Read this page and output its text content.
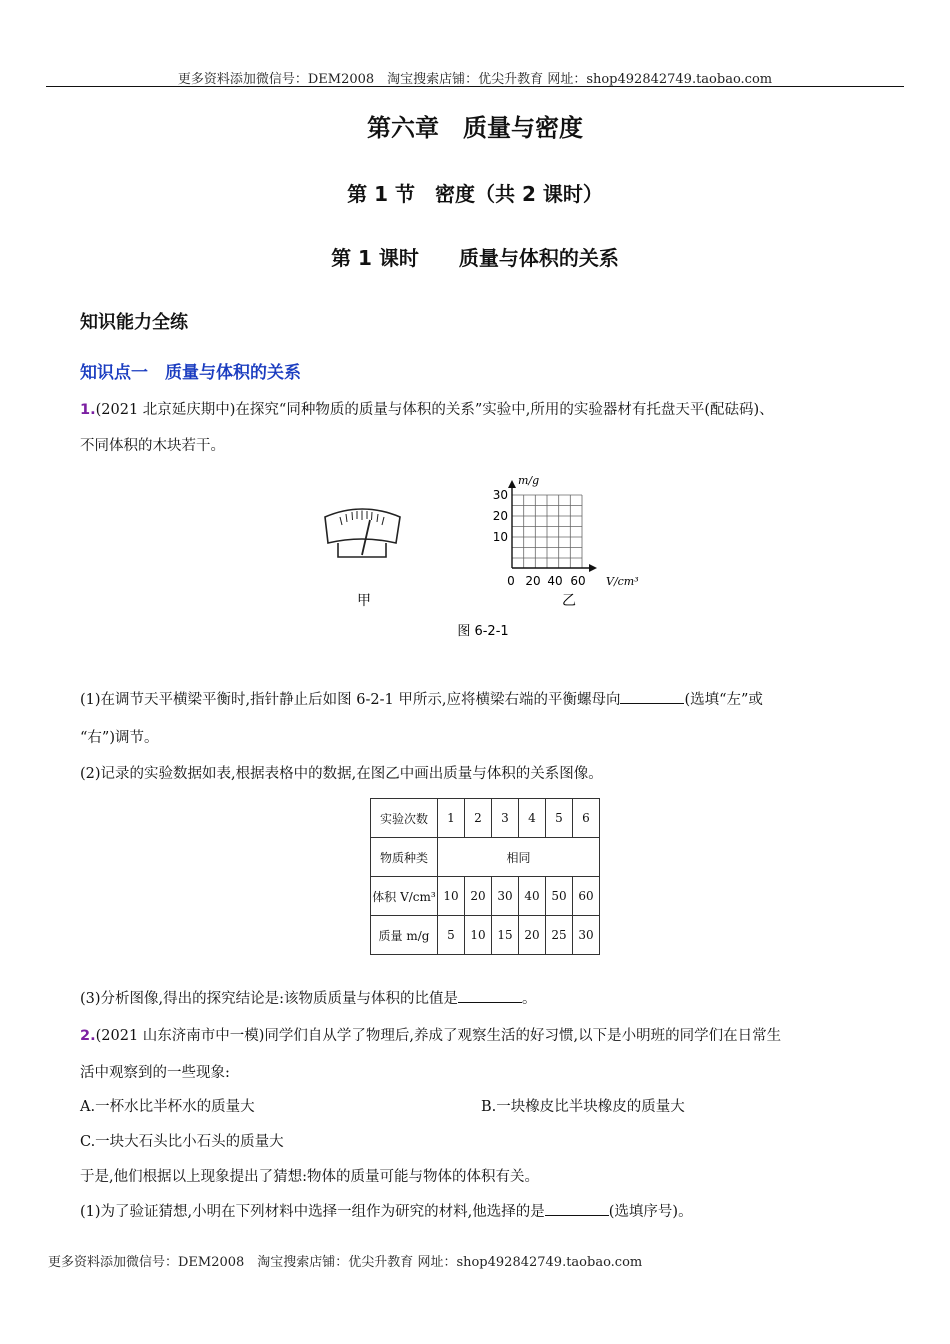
更多资料添加微信号：DEM2008　淘宝搜索店铺：优尖升教育 网址：shop492842749.taobao.com
第六章　质量与密度
第 1 节　密度（共 2 课时）
第 1 课时　　质量与体积的关系
知识能力全练
知识点一　质量与体积的关系
1.(2021 北京延庆期中)在探究“同种物质的质量与体积的关系”实验中,所用的实验器材有托盘天平(配砝码)、
不同体积的木块若干。
甲
m/g
30
20
10
0 20 40 60 V/cm³
乙
图 6-2-1
(1)在调节天平横梁平衡时,指针静止后如图 6-2-1 甲所示,应将横梁右端的平衡螺母向	(选填“左”或
“右”)调节。
(2)记录的实验数据如表,根据表格中的数据,在图乙中画出质量与体积的关系图像。
实验次数	1	2	3	4	5	6
物质种类	相同					
体积 V/cm³	10	20	30	40	50	60
质量 m/g	5	10	15	20	25	30
(3)分析图像,得出的探究结论是:该物质质量与体积的比值是	。
2.(2021 山东济南市中一模)同学们自从学了物理后,养成了观察生活的好习惯,以下是小明班的同学们在日常生
活中观察到的一些现象:
A.一杯水比半杯水的质量大	B.一块橡皮比半块橡皮的质量大
C.一块大石头比小石头的质量大
于是,他们根据以上现象提出了猜想:物体的质量可能与物体的体积有关。
(1)为了验证猜想,小明在下列材料中选择一组作为研究的材料,他选择的是	(选填序号)。
更多资料添加微信号：DEM2008　淘宝搜索店铺：优尖升教育 网址：shop492842749.taobao.com
